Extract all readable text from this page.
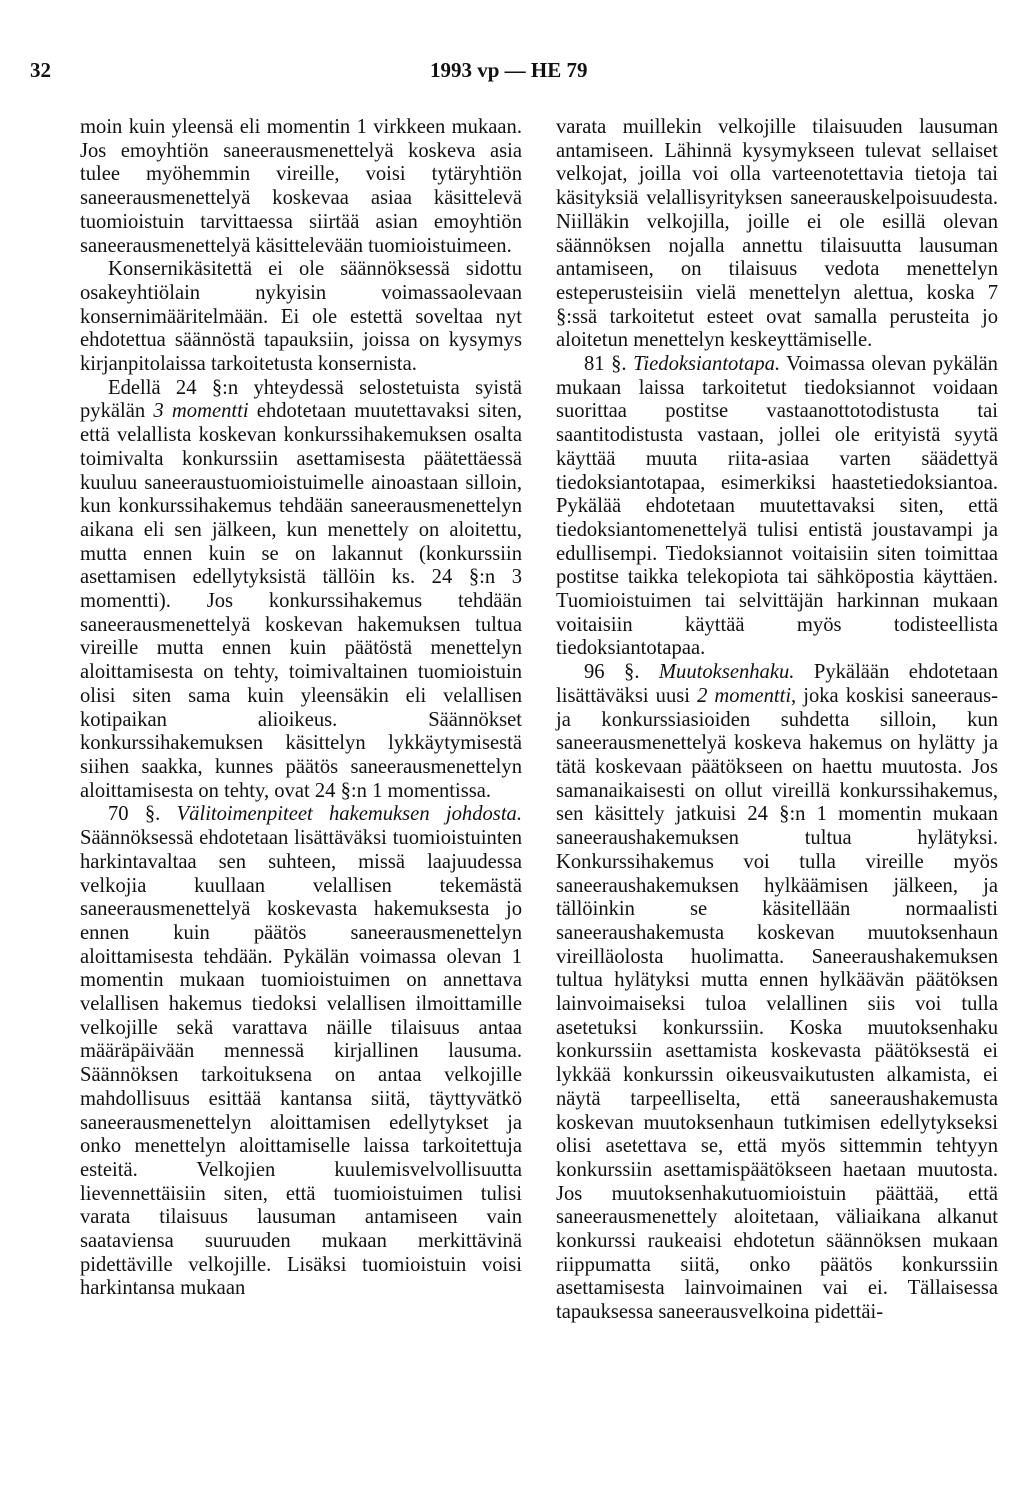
32	1993 vp — HE 79

moin kuin yleensä eli momentin 1 virkkeen mukaan. Jos emoyhtiön saneerausmenettelyä koskeva asia tulee myöhemmin vireille, voisi tytäryhtiön saneerausmenettelyä koskevaa asiaa käsittelevä tuomioistuin tarvittaessa siirtää asian emoyhtiön saneerausmenettelyä käsittelevään tuomioistuimeen.

Konsernikäsitettä ei ole säännöksessä sidottu osakeyhtiölain nykyisin voimassaolevaan konsernimääritelmään. Ei ole estettä soveltaa nyt ehdotettua säännöstä tapauksiin, joissa on kysymys kirjanpitolaissa tarkoitetusta konsernista.

Edellä 24 §:n yhteydessä selostetuista syistä pykälän 3 momentti ehdotetaan muutettavaksi siten, että velallista koskevan konkurssihakemuksen osalta toimivalta konkurssiin asettamisesta päätettäessä kuuluu saneeraustuomioistuimelle ainoastaan silloin, kun konkurssihakemus tehdään saneerausmenettelyn aikana eli sen jälkeen, kun menettely on aloitettu, mutta ennen kuin se on lakannut (konkurssiin asettamisen edellytyksistä tällöin ks. 24 §:n 3 momentti). Jos konkurssihakemus tehdään saneerausmenettelyä koskevan hakemuksen tultua vireille mutta ennen kuin päätöstä menettelyn aloittamisesta on tehty, toimivaltainen tuomioistuin olisi siten sama kuin yleensäkin eli velallisen kotipaikan alioikeus. Säännökset konkurssihakemuksen käsittelyn lykkäytymisestä siihen saakka, kunnes päätös saneerausmenettelyn aloittamisesta on tehty, ovat 24 §:n 1 momentissa.

70 §. Välitoimenpiteet hakemuksen johdosta. Säännöksessä ehdotetaan lisättäväksi tuomioistuinten harkintavaltaa sen suhteen, missä laajuudessa velkojia kuullaan velallisen tekemästä saneerausmenettelyä koskevasta hakemuksesta jo ennen kuin päätös saneerausmenettelyn aloittamisesta tehdään. Pykälän voimassa olevan 1 momentin mukaan tuomioistuimen on annettava velallisen hakemus tiedoksi velallisen ilmoittamille velkojille sekä varattava näille tilaisuus antaa määräpäivään mennessä kirjallinen lausuma. Säännöksen tarkoituksena on antaa velkojille mahdollisuus esittää kantansa siitä, täyttyvätkö saneerausmenettelyn aloittamisen edellytykset ja onko menettelyn aloittamiselle laissa tarkoitettuja esteitä. Velkojien kuulemisvelvollisuutta lievennettäisiin siten, että tuomioistuimen tulisi varata tilaisuus lausuman antamiseen vain saataviensa suuruuden mukaan merkittävinä pidettäville velkojille. Lisäksi tuomioistuin voisi harkintansa mukaan

varata muillekin velkojille tilaisuuden lausuman antamiseen. Lähinnä kysymykseen tulevat sellaiset velkojat, joilla voi olla varteenotettavia tietoja tai käsityksiä velallisyrityksen saneerauskelpoisuudesta. Niilläkin velkojilla, joille ei ole esillä olevan säännöksen nojalla annettu tilaisuutta lausuman antamiseen, on tilaisuus vedota menettelyn esteperusteisiin vielä menettelyn alettua, koska 7 §:ssä tarkoitetut esteet ovat samalla perusteita jo aloitetun menettelyn keskeyttämiselle.

81 §. Tiedoksiantotapa. Voimassa olevan pykälän mukaan laissa tarkoitetut tiedoksiannot voidaan suorittaa postitse vastaanottotodistusta tai saantitodistusta vastaan, jollei ole erityistä syytä käyttää muuta riita-asiaa varten säädettyä tiedoksiantotapaa, esimerkiksi haastetiedoksiantoa. Pykälää ehdotetaan muutettavaksi siten, että tiedoksiantomenettelyä tulisi entistä joustavampi ja edullisempi. Tiedoksiannot voitaisiin siten toimittaa postitse taikka telekopiota tai sähköpostia käyttäen. Tuomioistuimen tai selvittäjän harkinnan mukaan voitaisiin käyttää myös todisteellista tiedoksiantotapaa.

96 §. Muutoksenhaku. Pykälään ehdotetaan lisättäväksi uusi 2 momentti, joka koskisi saneeraus- ja konkurssiasioiden suhdetta silloin, kun saneerausmenettelyä koskeva hakemus on hylätty ja tätä koskevaan päätökseen on haettu muutosta. Jos samanaikaisesti on ollut vireillä konkurssihakemus, sen käsittely jatkuisi 24 §:n 1 momentin mukaan saneeraushakemuksen tultua hylätyksi. Konkurssihakemus voi tulla vireille myös saneeraushakemuksen hylkäämisen jälkeen, ja tällöinkin se käsitellään normaalisti saneeraushakemusta koskevan muutoksenhaun vireilläolosta huolimatta. Saneeraushakemuksen tultua hylätyksi mutta ennen hylkäävän päätöksen lainvoimaiseksi tuloa velallinen siis voi tulla asetetuksi konkurssiin. Koska muutoksenhaku konkurssiin asettamista koskevasta päätöksestä ei lykkää konkurssin oikeusvaikutusten alkamista, ei näytä tarpeelliselta, että saneeraushakemusta koskevan muutoksenhaun tutkimisen edellytykseksi olisi asetettava se, että myös sittemmin tehtyyn konkurssiin asettamispäätökseen haetaan muutosta. Jos muutoksenhakutuomioistuin päättää, että saneerausmenettely aloitetaan, väliaikana alkanut konkurssi raukeaisi ehdotetun säännöksen mukaan riippumatta siitä, onko päätös konkurssiin asettamisesta lainvoimainen vai ei. Tällaisessa tapauksessa saneerausvelkoina pidettäi-
